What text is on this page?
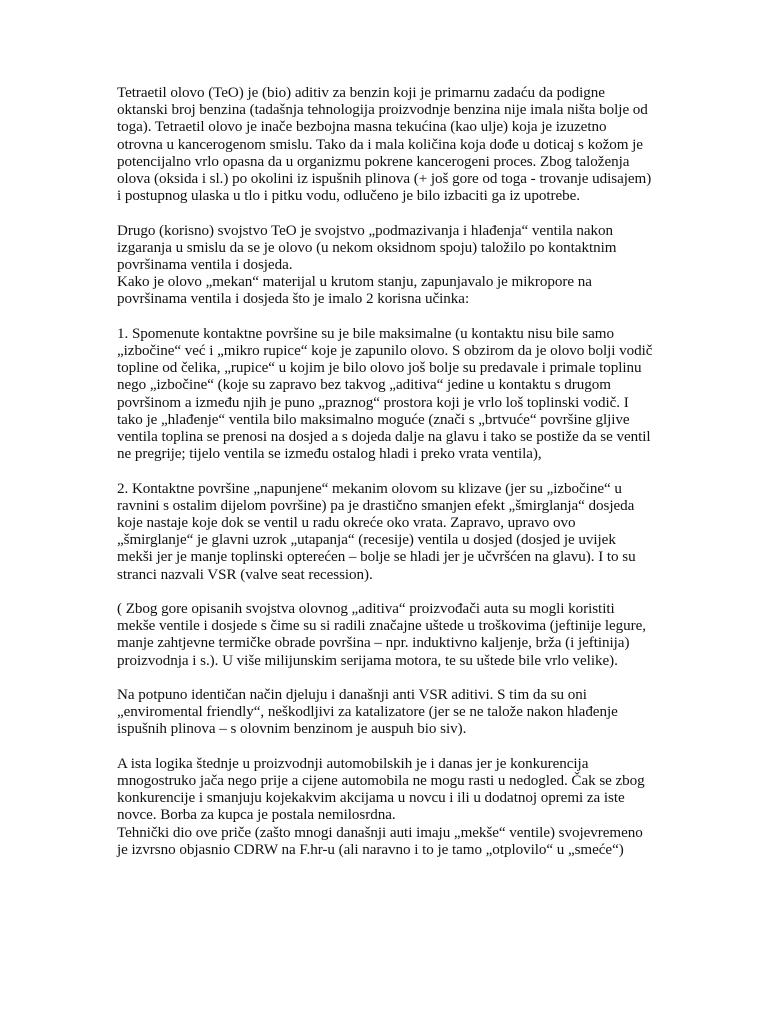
Tetraetil olovo (TeO) je (bio) aditiv za benzin koji je primarnu zadaću da podigne oktanski broj benzina (tadašnja tehnologija proizvodnje benzina nije imala ništa bolje od toga). Tetraetil olovo je inače bezbojna masna tekućina (kao ulje) koja je izuzetno otrovna u kancerogenom smislu. Tako da i mala količina koja dođe u doticaj s kožom je potencijalno vrlo opasna da u organizmu pokrene kancerogeni proces. Zbog taloženja olova (oksida i sl.) po okolini iz ispušnih plinova (+ još gore od toga - trovanje udisajem) i postupnog ulaska u tlo i pitku vodu, odlučeno je bilo izbaciti ga iz upotrebe.

Drugo (korisno) svojstvo TeO je svojstvo „podmazivanja i hlađenja“ ventila nakon izgaranja u smislu da se je olovo (u nekom oksidnom spoju) taložilo po kontaktnim površinama ventila i dosjeda.

Kako je olovo „mekan“ materijal u krutom stanju, zapunjavalo je mikropore na površinama ventila i dosjeda što je imalo 2 korisna učinka:

1. Spomenute kontaktne površine su je bile maksimalne (u kontaktu nisu bile samo „izbočine“ već i „mikro rupice“ koje je zapunilo olovo. S obzirom da je olovo bolji vodič topline od čelika, „rupice“ u kojim je bilo olovo još bolje su predavale i primale toplinu nego „izbočine“ (koje su zapravo bez takvog „aditiva“ jedine u kontaktu s drugom površinom a između njih je puno „praznog“ prostora koji je vrlo loš toplinski vodič. I tako je „hlađenje“ ventila bilo maksimalno moguće (znači s „brtvuće“ površine gljive ventila toplina se prenosi na dosjed a s dojeda dalje na glavu i tako se postiže da se ventil ne pregrije; tijelo ventila se između ostalog hladi i preko vrata ventila),

2. Kontaktne površine „napunjene“ mekanim olovom su klizave (jer su „izbočine“ u ravnini s ostalim dijelom površine) pa je drastično smanjen efekt „šmirglanja“ dosjeda koje nastaje koje dok se ventil u radu okreće oko vrata. Zapravo, upravo ovo „šmirglanje“ je glavni uzrok „utapanja“ (recesije) ventila u dosjed (dosjed je uvijek mekši jer je manje toplinski opterećen – bolje se hladi jer je učvršćen na glavu). I to su stranci nazvali VSR (valve seat recession).

( Zbog gore opisanih svojstva olovnog „aditiva“ proizvođači auta su mogli koristiti mekše ventile i dosjede s čime su si radili značajne uštede u troškovima (jeftinije legure, manje zahtjevne termičke obrade površina – npr. induktivno kaljenje, brža (i jeftinija) proizvodnja i s.). U više milijunskim serijama motora, te su uštede bile vrlo velike).

Na potpuno identičan način djeluju i današnji anti VSR aditivi. S tim da su oni „enviromental friendly“, neškodljivi za katalizatore (jer se ne talože nakon hlađenje ispušnih plinova – s olovnim benzinom je auspuh bio siv).

A ista logika štednje u proizvodnji automobilskih je i danas jer je konkurencija mnogostruko jača nego prije a cijene automobila ne mogu rasti u nedogled. Čak se zbog konkurencije i smanjuju kojekakvim akcijama u novcu i ili u dodatnoj opremi za iste novce. Borba za kupca je postala nemilosrdna.

Tehnički dio ove priče (zašto mnogi današnji auti imaju „mekše“ ventile) svojevremeno je izvrsno objasnio CDRW na F.hr-u (ali naravno i to je tamo „otplovilo“ u „smeće“)
